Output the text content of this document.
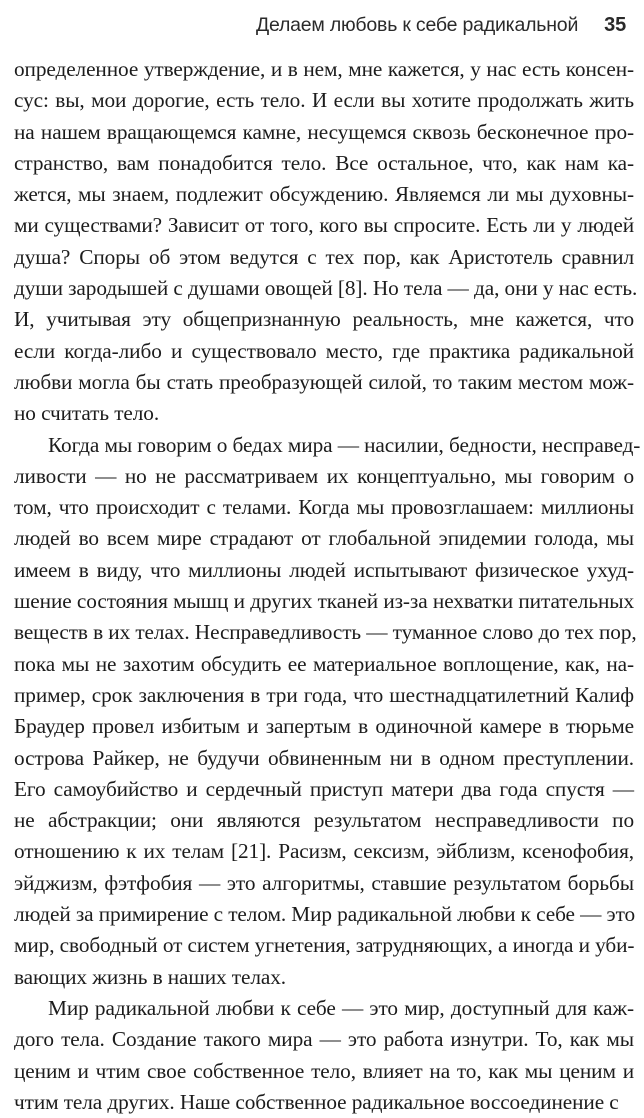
Делаем любовь к себе радикальной 35

определенное утверждение, и в нем, мне кажется, у нас есть консен-
сус: вы, мои дорогие, есть тело. И если вы хотите продолжать жить
на нашем вращающемся камне, несущемся сквозь бесконечное про-
странство, вам понадобится тело. Все остальное, что, как нам ка-
жется, мы знаем, подлежит обсуждению. Являемся ли мы духовны-
ми существами? Зависит от того, кого вы спросите. Есть ли у людей
душа? Споры об этом ведутся с тех пор, как Аристотель сравнил
души зародышей с душами овощей [8]. Но тела — да, они у нас есть.
И, учитывая эту общепризнанную реальность, мне кажется, что
если когда-либо и существовало место, где практика радикальной
любви могла бы стать преобразующей силой, то таким местом мож-
но считать тело.

Когда мы говорим о бедах мира — насилии, бедности, несправед-
ливости — но не рассматриваем их концептуально, мы говорим о
том, что происходит с телами. Когда мы провозглашаем: миллионы
людей во всем мире страдают от глобальной эпидемии голода, мы
имеем в виду, что миллионы людей испытывают физическое ухуд-
шение состояния мышц и других тканей из-за нехватки питательных
веществ в их телах. Несправедливость — туманное слово до тех пор,
пока мы не захотим обсудить ее материальное воплощение, как, на-
пример, срок заключения в три года, что шестнадцатилетний Калиф
Браудер провел избитым и запертым в одиночной камере в тюрьме
острова Райкер, не будучи обвиненным ни в одном преступлении.
Его самоубийство и сердечный приступ матери два года спустя —
не абстракции; они являются результатом несправедливости по
отношению к их телам [21]. Расизм, сексизм, эйблизм, ксенофобия,
эйджизм, фэтфобия — это алгоритмы, ставшие результатом борьбы
людей за примирение с телом. Мир радикальной любви к себе — это
мир, свободный от систем угнетения, затрудняющих, а иногда и уби-
вающих жизнь в наших телах.

Мир радикальной любви к себе — это мир, доступный для каж-
дого тела. Создание такого мира — это работа изнутри. То, как мы
ценим и чтим свое собственное тело, влияет на то, как мы ценим и
чтим тела других. Наше собственное радикальное воссоединение с
